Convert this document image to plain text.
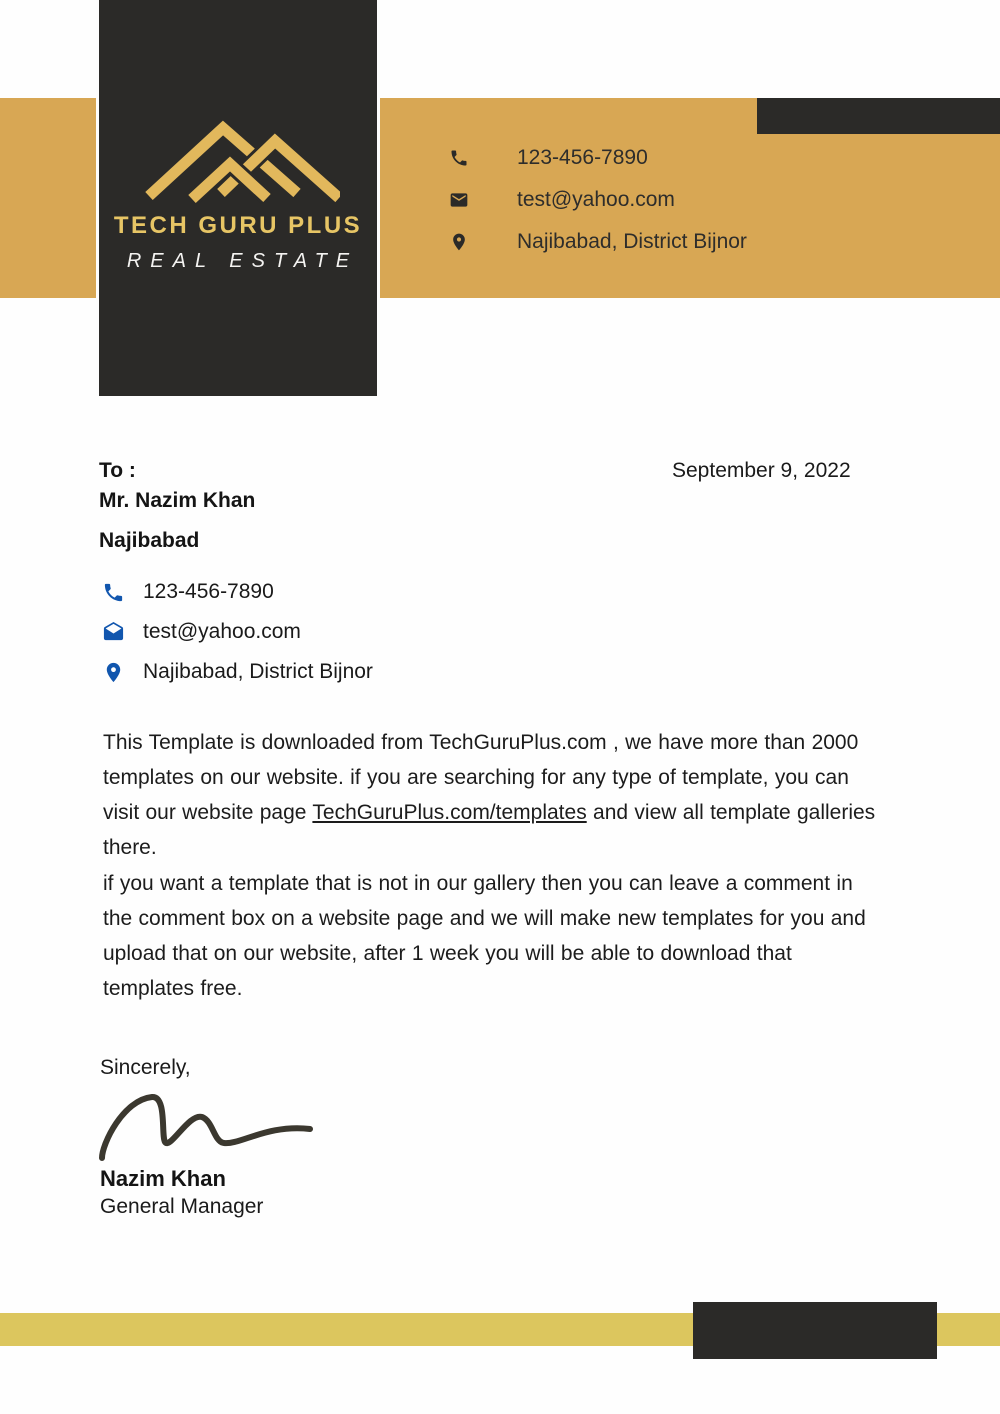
TECH GURU PLUS
REAL ESTATE
123-456-7890
test@yahoo.com
Najibabad, District Bijnor
September 9, 2022
To :
Mr. Nazim Khan
Najibabad
123-456-7890
test@yahoo.com
Najibabad, District Bijnor
This Template is downloaded from TechGuruPlus.com , we have more than 2000 templates on our website. if you are searching for any type of template, you can visit our website page TechGuruPlus.com/templates and view all template galleries there.
if you want a template that is not in our gallery then you can leave a comment in the comment box on a website page and we will make new templates for you and upload that on our website, after 1 week you will be able to download that templates free.
Sincerely,
Nazim Khan
General Manager
